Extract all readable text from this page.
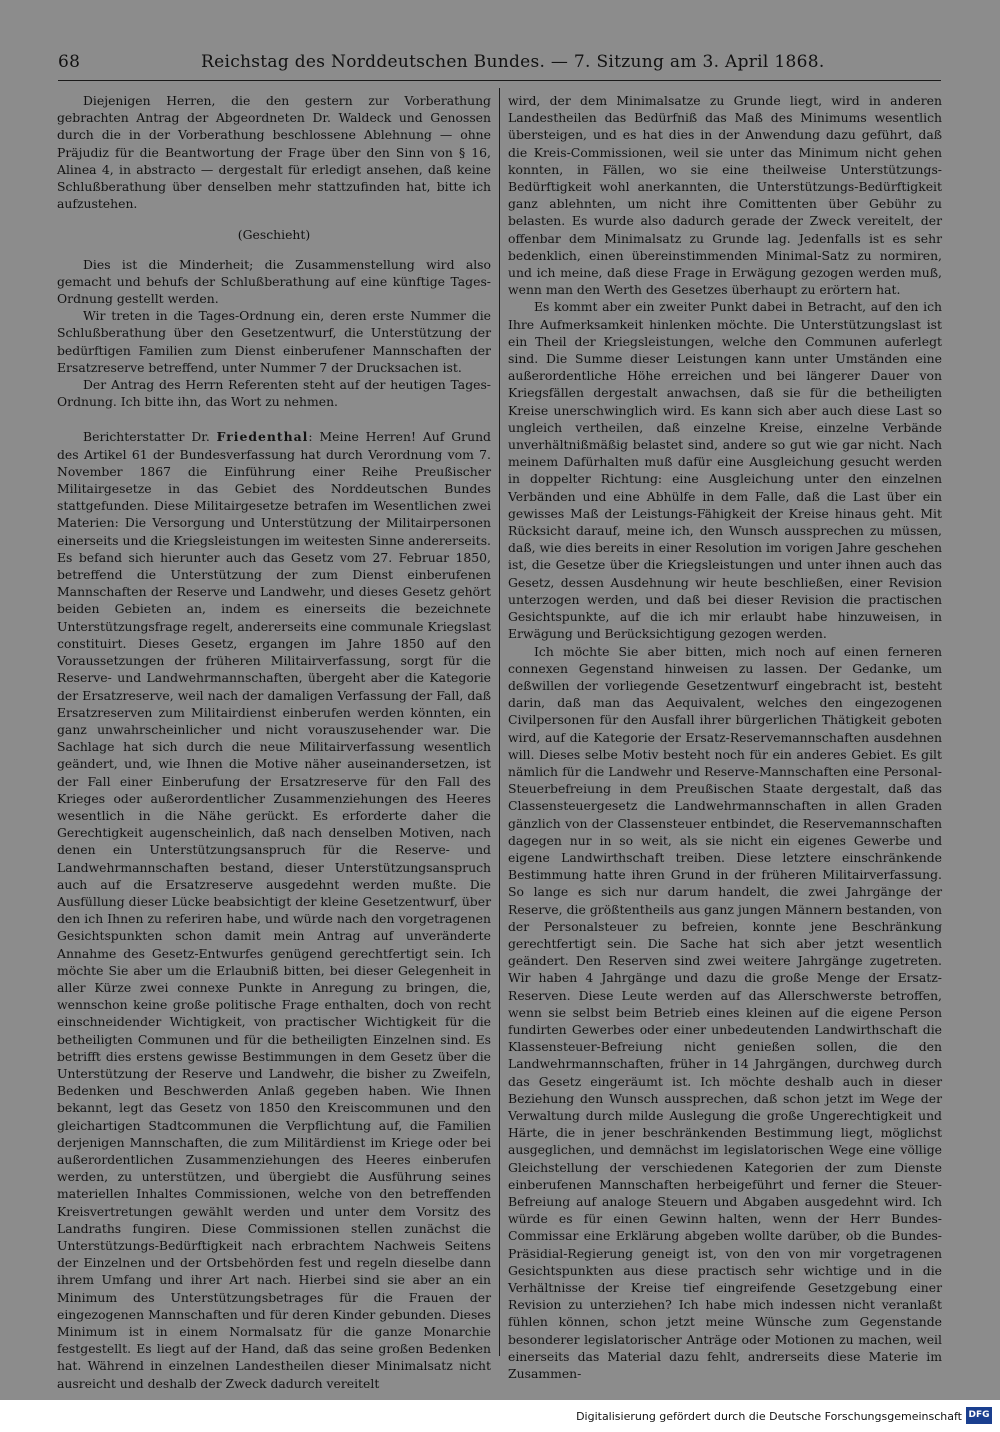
68	Reichstag des Norddeutschen Bundes. — 7. Sitzung am 3. April 1868.

Diejenigen Herren, die den gestern zur Vorberathung gebrachten Antrag der Abgeordneten Dr. Waldeck und Genossen durch die in der Vorberathung beschlossene Ablehnung — ohne Präjudiz für die Beantwortung der Frage über den Sinn von § 16, Alinea 4, in abstracto — dergestalt für erledigt ansehen, daß keine Schlußberathung über denselben mehr stattzufinden hat, bitte ich aufzustehen.

(Geschieht)

Dies ist die Minderheit; die Zusammenstellung wird also gemacht und behufs der Schlußberathung auf eine künftige Tages-Ordnung gestellt werden.

Wir treten in die Tages-Ordnung ein, deren erste Nummer die Schlußberathung über den Gesetzentwurf, die Unterstützung der bedürftigen Familien zum Dienst einberufener Mannschaften der Ersatzreserve betreffend, unter Nummer 7 der Drucksachen ist.

Der Antrag des Herrn Referenten steht auf der heutigen Tages-Ordnung. Ich bitte ihn, das Wort zu nehmen.

Berichterstatter Dr. Friedenthal: Meine Herren! Auf Grund des Artikel 61 der Bundesverfassung hat durch Verordnung vom 7. November 1867 die Einführung einer Reihe Preußischer Militairgesetze in das Gebiet des Norddeutschen Bundes stattgefunden. Diese Militairgesetze betrafen im Wesentlichen zwei Materien: Die Versorgung und Unterstützung der Militairpersonen einerseits und die Kriegsleistungen im weitesten Sinne andererseits. Es befand sich hierunter auch das Gesetz vom 27. Februar 1850, betreffend die Unterstützung der zum Dienst einberufenen Mannschaften der Reserve und Landwehr, und dieses Gesetz gehört beiden Gebieten an, indem es einerseits die bezeichnete Unterstützungsfrage regelt, andererseits eine communale Kriegslast constituirt. Dieses Gesetz, ergangen im Jahre 1850 auf den Voraussetzungen der früheren Militairverfassung, sorgt für die Reserve- und Landwehrmannschaften, übergeht aber die Kategorie der Ersatzreserve, weil nach der damaligen Verfassung der Fall, daß Ersatzreserven zum Militairdienst einberufen werden könnten, ein ganz unwahrscheinlicher und nicht vorauszusehender war. Die Sachlage hat sich durch die neue Militairverfassung wesentlich geändert, und, wie Ihnen die Motive näher auseinandersetzen, ist der Fall einer Einberufung der Ersatzreserve für den Fall des Krieges oder außerordentlicher Zusammenziehungen des Heeres wesentlich in die Nähe gerückt. Es erforderte daher die Gerechtigkeit augenscheinlich, daß nach denselben Motiven, nach denen ein Unterstützungsanspruch für die Reserve- und Landwehrmannschaften bestand, dieser Unterstützungsanspruch auch auf die Ersatzreserve ausgedehnt werden mußte. Die Ausfüllung dieser Lücke beabsichtigt der kleine Gesetzentwurf, über den ich Ihnen zu referiren habe, und würde nach den vorgetragenen Gesichtspunkten schon damit mein Antrag auf unveränderte Annahme des Gesetz-Entwurfes genügend gerechtfertigt sein. Ich möchte Sie aber um die Erlaubniß bitten, bei dieser Gelegenheit in aller Kürze zwei connexe Punkte in Anregung zu bringen, die, wennschon keine große politische Frage enthalten, doch von recht einschneidender Wichtigkeit, von practischer Wichtigkeit für die betheiligten Communen und für die betheiligten Einzelnen sind. Es betrifft dies erstens gewisse Bestimmungen in dem Gesetz über die Unterstützung der Reserve und Landwehr, die bisher zu Zweifeln, Bedenken und Beschwerden Anlaß gegeben haben. Wie Ihnen bekannt, legt das Gesetz von 1850 den Kreiscommunen und den gleichartigen Stadtcommunen die Verpflichtung auf, die Familien derjenigen Mannschaften, die zum Militärdienst im Kriege oder bei außerordentlichen Zusammenziehungen des Heeres einberufen werden, zu unterstützen, und übergiebt die Ausführung seines materiellen Inhaltes Commissionen, welche von den betreffenden Kreisvertretungen gewählt werden und unter dem Vorsitz des Landraths fungiren. Diese Commissionen stellen zunächst die Unterstützungs-Bedürftigkeit nach erbrachtem Nachweis Seitens der Einzelnen und der Ortsbehörden fest und regeln dieselbe dann ihrem Umfang und ihrer Art nach. Hierbei sind sie aber an ein Minimum des Unterstützungsbetrages für die Frauen der eingezogenen Mannschaften und für deren Kinder gebunden. Dieses Minimum ist in einem Normalsatz für die ganze Monarchie festgestellt. Es liegt auf der Hand, daß das seine großen Bedenken hat. Während in einzelnen Landestheilen dieser Minimalsatz nicht ausreicht und deshalb der Zweck dadurch vereitelt

wird, der dem Minimalsatze zu Grunde liegt, wird in anderen Landestheilen das Bedürfniß das Maß des Minimums wesentlich übersteigen, und es hat dies in der Anwendung dazu geführt, daß die Kreis-Commissionen, weil sie unter das Minimum nicht gehen konnten, in Fällen, wo sie eine theilweise Unterstützungs-Bedürftigkeit wohl anerkannten, die Unterstützungs-Bedürftigkeit ganz ablehnten, um nicht ihre Comittenten über Gebühr zu belasten. Es wurde also dadurch gerade der Zweck vereitelt, der offenbar dem Minimalsatz zu Grunde lag. Jedenfalls ist es sehr bedenklich, einen übereinstimmenden Minimal-Satz zu normiren, und ich meine, daß diese Frage in Erwägung gezogen werden muß, wenn man den Werth des Gesetzes überhaupt zu erörtern hat.

Es kommt aber ein zweiter Punkt dabei in Betracht, auf den ich Ihre Aufmerksamkeit hinlenken möchte. Die Unterstützungslast ist ein Theil der Kriegsleistungen, welche den Communen auferlegt sind. Die Summe dieser Leistungen kann unter Umständen eine außerordentliche Höhe erreichen und bei längerer Dauer von Kriegsfällen dergestalt anwachsen, daß sie für die betheiligten Kreise unerschwinglich wird. Es kann sich aber auch diese Last so ungleich vertheilen, daß einzelne Kreise, einzelne Verbände unverhältnißmäßig belastet sind, andere so gut wie gar nicht. Nach meinem Dafürhalten muß dafür eine Ausgleichung gesucht werden in doppelter Richtung: eine Ausgleichung unter den einzelnen Verbänden und eine Abhülfe in dem Falle, daß die Last über ein gewisses Maß der Leistungs-Fähigkeit der Kreise hinaus geht. Mit Rücksicht darauf, meine ich, den Wunsch aussprechen zu müssen, daß, wie dies bereits in einer Resolution im vorigen Jahre geschehen ist, die Gesetze über die Kriegsleistungen und unter ihnen auch das Gesetz, dessen Ausdehnung wir heute beschließen, einer Revision unterzogen werden, und daß bei dieser Revision die practischen Gesichtspunkte, auf die ich mir erlaubt habe hinzuweisen, in Erwägung und Berücksichtigung gezogen werden.

Ich möchte Sie aber bitten, mich noch auf einen ferneren connexen Gegenstand hinweisen zu lassen. Der Gedanke, um deßwillen der vorliegende Gesetzentwurf eingebracht ist, besteht darin, daß man das Aequivalent, welches den eingezogenen Civilpersonen für den Ausfall ihrer bürgerlichen Thätigkeit geboten wird, auf die Kategorie der Ersatz-Reservemannschaften ausdehnen will. Dieses selbe Motiv besteht noch für ein anderes Gebiet. Es gilt nämlich für die Landwehr und Reserve-Mannschaften eine Personal-Steuerbefreiung in dem Preußischen Staate dergestalt, daß das Classensteuergesetz die Landwehrmannschaften in allen Graden gänzlich von der Classensteuer entbindet, die Reservemannschaften dagegen nur in so weit, als sie nicht ein eigenes Gewerbe und eigene Landwirthschaft treiben. Diese letztere einschränkende Bestimmung hatte ihren Grund in der früheren Militairverfassung. So lange es sich nur darum handelt, die zwei Jahrgänge der Reserve, die größtentheils aus ganz jungen Männern bestanden, von der Personalsteuer zu befreien, konnte jene Beschränkung gerechtfertigt sein. Die Sache hat sich aber jetzt wesentlich geändert. Den Reserven sind zwei weitere Jahrgänge zugetreten. Wir haben 4 Jahrgänge und dazu die große Menge der Ersatz-Reserven. Diese Leute werden auf das Allerschwerste betroffen, wenn sie selbst beim Betrieb eines kleinen auf die eigene Person fundirten Gewerbes oder einer unbedeutenden Landwirthschaft die Klassensteuer-Befreiung nicht genießen sollen, die den Landwehrmannschaften, früher in 14 Jahrgängen, durchweg durch das Gesetz eingeräumt ist. Ich möchte deshalb auch in dieser Beziehung den Wunsch aussprechen, daß schon jetzt im Wege der Verwaltung durch milde Auslegung die große Ungerechtigkeit und Härte, die in jener beschränkenden Bestimmung liegt, möglichst ausgeglichen, und demnächst im legislatorischen Wege eine völlige Gleichstellung der verschiedenen Kategorien der zum Dienste einberufenen Mannschaften herbeigeführt und ferner die Steuer-Befreiung auf analoge Steuern und Abgaben ausgedehnt wird. Ich würde es für einen Gewinn halten, wenn der Herr Bundes-Commissar eine Erklärung abgeben wollte darüber, ob die Bundes-Präsidial-Regierung geneigt ist, von den von mir vorgetragenen Gesichtspunkten aus diese practisch sehr wichtige und in die Verhältnisse der Kreise tief eingreifende Gesetzgebung einer Revision zu unterziehen? Ich habe mich indessen nicht veranlaßt fühlen können, schon jetzt meine Wünsche zum Gegenstande besonderer legislatorischer Anträge oder Motionen zu machen, weil einerseits das Material dazu fehlt, andrerseits diese Materie im Zusammen-

Digitalisierung gefördert durch die Deutsche Forschungsgemeinschaft DFG
